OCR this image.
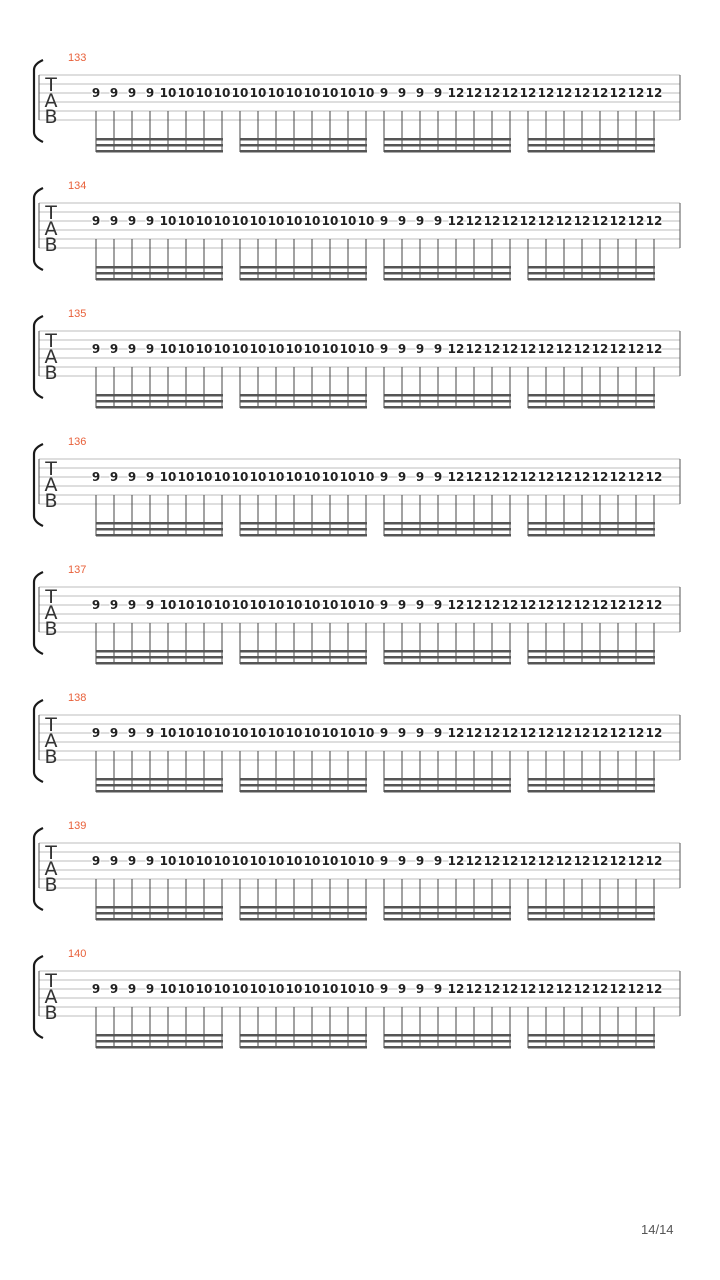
133
T
A
B
9 9 9 9 10 10 10 10 10 10 10 10 10 10 10 10 9 9 9 9 12 12 12 12 12 12 12 12 12 12 12 12
134
T
A
B
9 9 9 9 10 10 10 10 10 10 10 10 10 10 10 10 9 9 9 9 12 12 12 12 12 12 12 12 12 12 12 12
135
T
A
B
9 9 9 9 10 10 10 10 10 10 10 10 10 10 10 10 9 9 9 9 12 12 12 12 12 12 12 12 12 12 12 12
136
T
A
B
9 9 9 9 10 10 10 10 10 10 10 10 10 10 10 10 9 9 9 9 12 12 12 12 12 12 12 12 12 12 12 12
137
T
A
B
9 9 9 9 10 10 10 10 10 10 10 10 10 10 10 10 9 9 9 9 12 12 12 12 12 12 12 12 12 12 12 12
138
T
A
B
9 9 9 9 10 10 10 10 10 10 10 10 10 10 10 10 9 9 9 9 12 12 12 12 12 12 12 12 12 12 12 12
139
T
A
B
9 9 9 9 10 10 10 10 10 10 10 10 10 10 10 10 9 9 9 9 12 12 12 12 12 12 12 12 12 12 12 12
140
T
A
B
9 9 9 9 10 10 10 10 10 10 10 10 10 10 10 10 9 9 9 9 12 12 12 12 12 12 12 12 12 12 12 12
14/14
